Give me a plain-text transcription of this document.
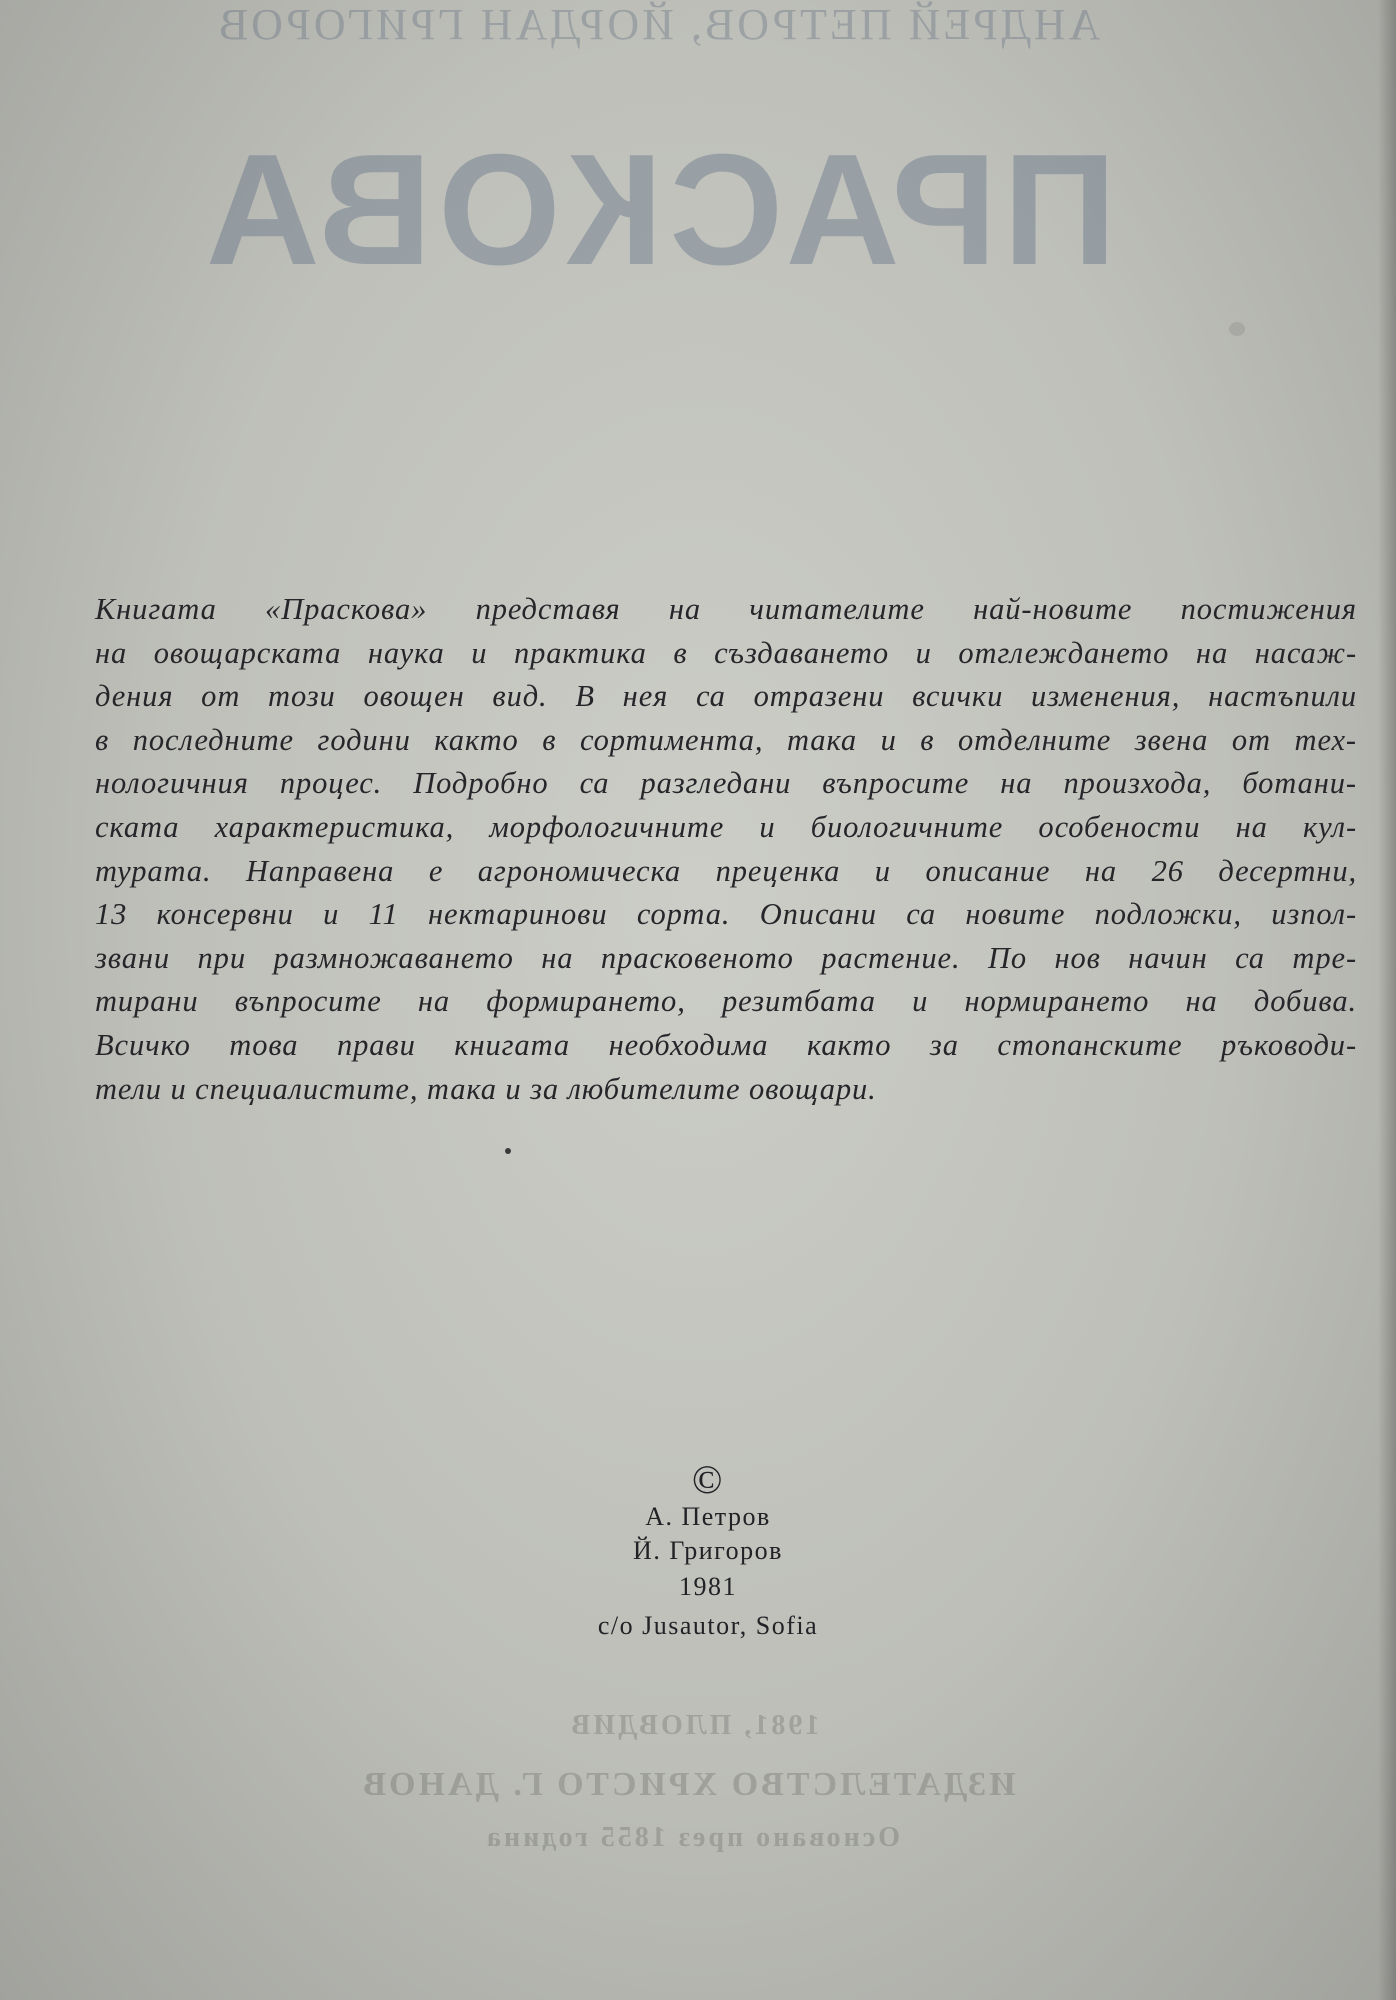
АНДРЕЙ ПЕТРОВ, ЙОРДАН ГРИГОРОВ
ПРАСКОВА
Книгата «Праскова» представя на читателите най-новите постижения
на овощарската наука и практика в създаването и отглеждането на насаж-
дения от този овощен вид. В нея са отразени всички изменения, настъпили
в последните години както в сортимента, така и в отделните звена от тех-
нологичния процес. Подробно са разгледани въпросите на произхода, ботани-
ската характеристика, морфологичните и биологичните особености на кул-
турата. Направена е агрономическа преценка и описание на 26 десертни,
13 консервни и 11 нектаринови сорта. Описани са новите подложки, изпол-
звани при размножаването на прасковеното растение. По нов начин са тре-
тирани въпросите на формирането, резитбата и нормирането на добива.
Всичко това прави книгата необходима както за стопанските ръководи-
тели и специалистите, така и за любителите овощари.
©
А. Петров
Й. Григоров
1981
c/o Jusautor, Sofia
1981, ПЛОВДИВ
ИЗДАТЕЛСТВО ХРИСТО Г. ДАНОВ
Основано през 1855 година
